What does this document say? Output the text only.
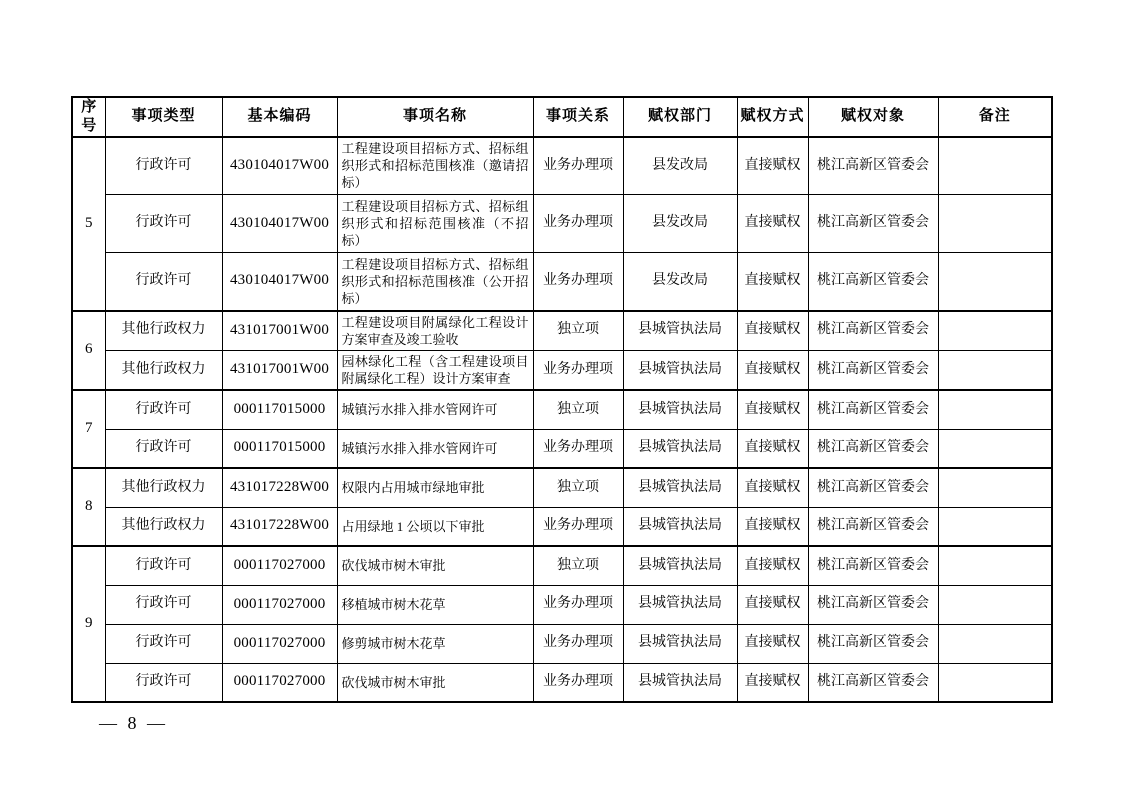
序号	事项类型	基本编码	事项名称	事项关系	赋权部门	赋权方式	赋权对象	备注
5	行政许可	430104017W00	工程建设项目招标方式、招标组织形式和招标范围核准（邀请招标）	业务办理项	县发改局	直接赋权	桃江高新区管委会	
	行政许可	430104017W00	工程建设项目招标方式、招标组织形式和招标范围核准（不招标）	业务办理项	县发改局	直接赋权	桃江高新区管委会	
	行政许可	430104017W00	工程建设项目招标方式、招标组织形式和招标范围核准（公开招标）	业务办理项	县发改局	直接赋权	桃江高新区管委会	
6	其他行政权力	431017001W00	工程建设项目附属绿化工程设计方案审查及竣工验收	独立项	县城管执法局	直接赋权	桃江高新区管委会	
	其他行政权力	431017001W00	园林绿化工程（含工程建设项目附属绿化工程）设计方案审查	业务办理项	县城管执法局	直接赋权	桃江高新区管委会	
7	行政许可	000117015000	城镇污水排入排水管网许可	独立项	县城管执法局	直接赋权	桃江高新区管委会	
	行政许可	000117015000	城镇污水排入排水管网许可	业务办理项	县城管执法局	直接赋权	桃江高新区管委会	
8	其他行政权力	431017228W00	权限内占用城市绿地审批	独立项	县城管执法局	直接赋权	桃江高新区管委会	
	其他行政权力	431017228W00	占用绿地 1 公顷以下审批	业务办理项	县城管执法局	直接赋权	桃江高新区管委会	
9	行政许可	000117027000	砍伐城市树木审批	独立项	县城管执法局	直接赋权	桃江高新区管委会	
	行政许可	000117027000	移植城市树木花草	业务办理项	县城管执法局	直接赋权	桃江高新区管委会	
	行政许可	000117027000	修剪城市树木花草	业务办理项	县城管执法局	直接赋权	桃江高新区管委会	
	行政许可	000117027000	砍伐城市树木审批	业务办理项	县城管执法局	直接赋权	桃江高新区管委会	
— 8 —
